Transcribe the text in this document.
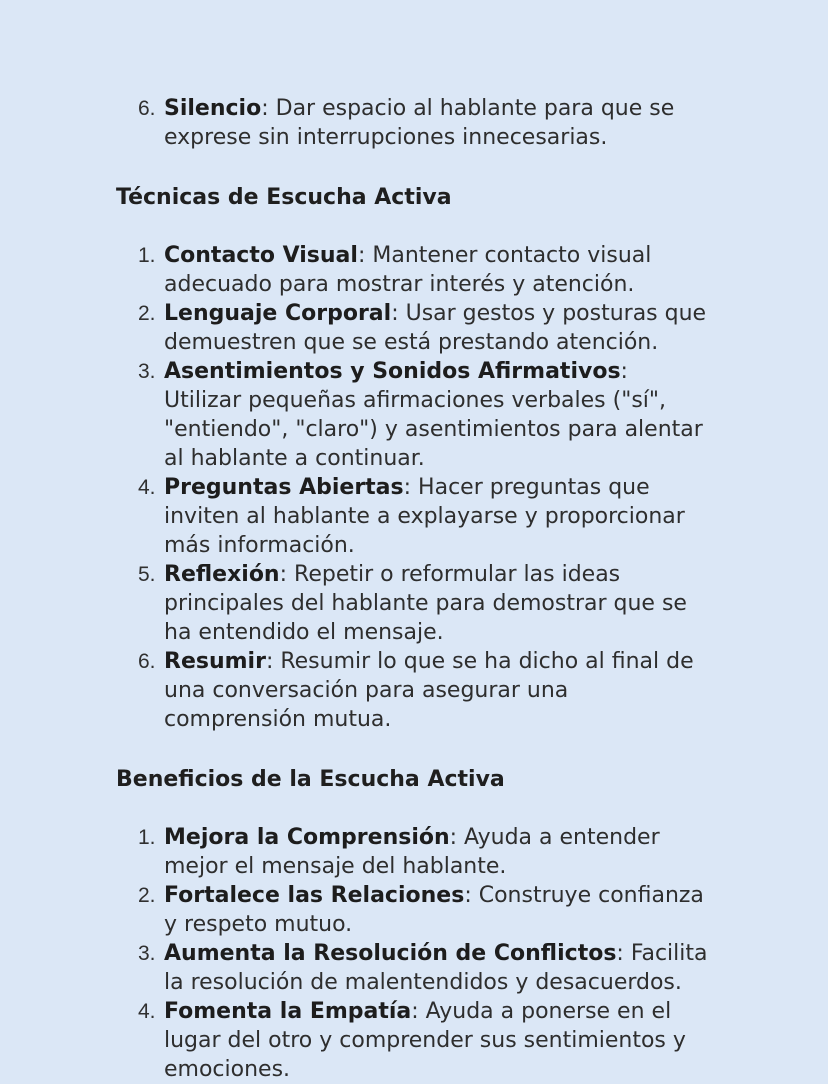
6. Silencio: Dar espacio al hablante para que se exprese sin interrupciones innecesarias.
Técnicas de Escucha Activa
1. Contacto Visual: Mantener contacto visual adecuado para mostrar interés y atención.
2. Lenguaje Corporal: Usar gestos y posturas que demuestren que se está prestando atención.
3. Asentimientos y Sonidos Afirmativos: Utilizar pequeñas afirmaciones verbales ("sí", "entiendo", "claro") y asentimientos para alentar al hablante a continuar.
4. Preguntas Abiertas: Hacer preguntas que inviten al hablante a explayarse y proporcionar más información.
5. Reflexión: Repetir o reformular las ideas principales del hablante para demostrar que se ha entendido el mensaje.
6. Resumir: Resumir lo que se ha dicho al final de una conversación para asegurar una comprensión mutua.
Beneficios de la Escucha Activa
1. Mejora la Comprensión: Ayuda a entender mejor el mensaje del hablante.
2. Fortalece las Relaciones: Construye confianza y respeto mutuo.
3. Aumenta la Resolución de Conflictos: Facilita la resolución de malentendidos y desacuerdos.
4. Fomenta la Empatía: Ayuda a ponerse en el lugar del otro y comprender sus sentimientos y emociones.
